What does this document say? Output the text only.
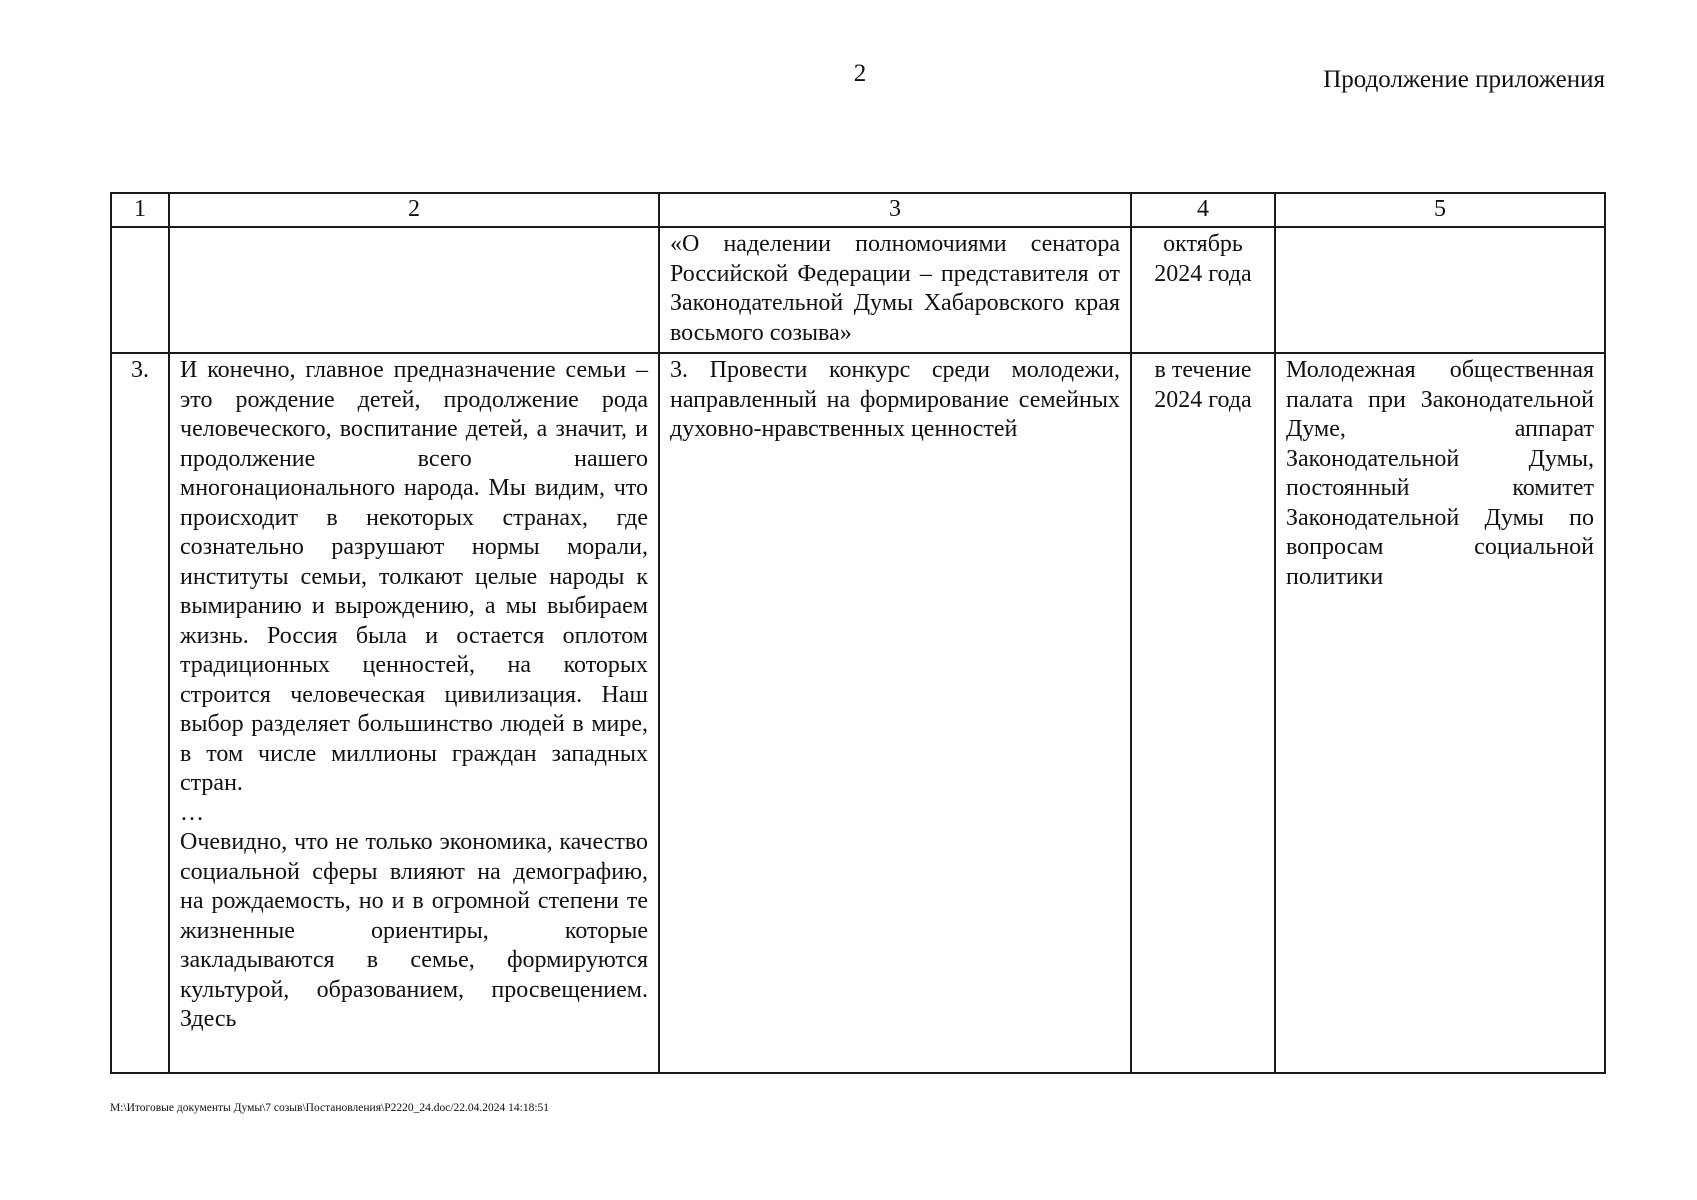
2	Продолжение приложения
1	2	3	4	5

		«О наделении полномочиями сенатора Российской Федерации – представителя от Законодательной Думы Хабаровского края восьмого созыва»	октябрь 2024 года	

3.	И конечно, главное предназначение семьи – это рождение детей, продолжение рода человеческого, воспитание детей, а значит, и продолжение всего нашего многонационального народа. Мы видим, что происходит в некоторых странах, где сознательно разрушают нормы морали, институты семьи, толкают целые народы к вымиранию и вырождению, а мы выбираем жизнь. Россия была и остается оплотом традиционных ценностей, на которых строится человеческая цивилизация. Наш выбор разделяет большинство людей в мире, в том числе миллионы граждан западных стран.
…
Очевидно, что не только экономика, качество социальной сферы влияют на демографию, на рождаемость, но и в огромной степени те жизненные ориентиры, которые закладываются в семье, формируются культурой, образованием, просвещением. Здесь	3. Провести конкурс среди молодежи, направленный на формирование семейных духовно-нравственных ценностей	в течение 2024 года	Молодежная общественная палата при Законодательной Думе, аппарат Законодательной Думы, постоянный комитет Законодательной Думы по вопросам социальной политики
M:\Итоговые документы Думы\7 созыв\Постановления\P2220_24.doc/22.04.2024 14:18:51
